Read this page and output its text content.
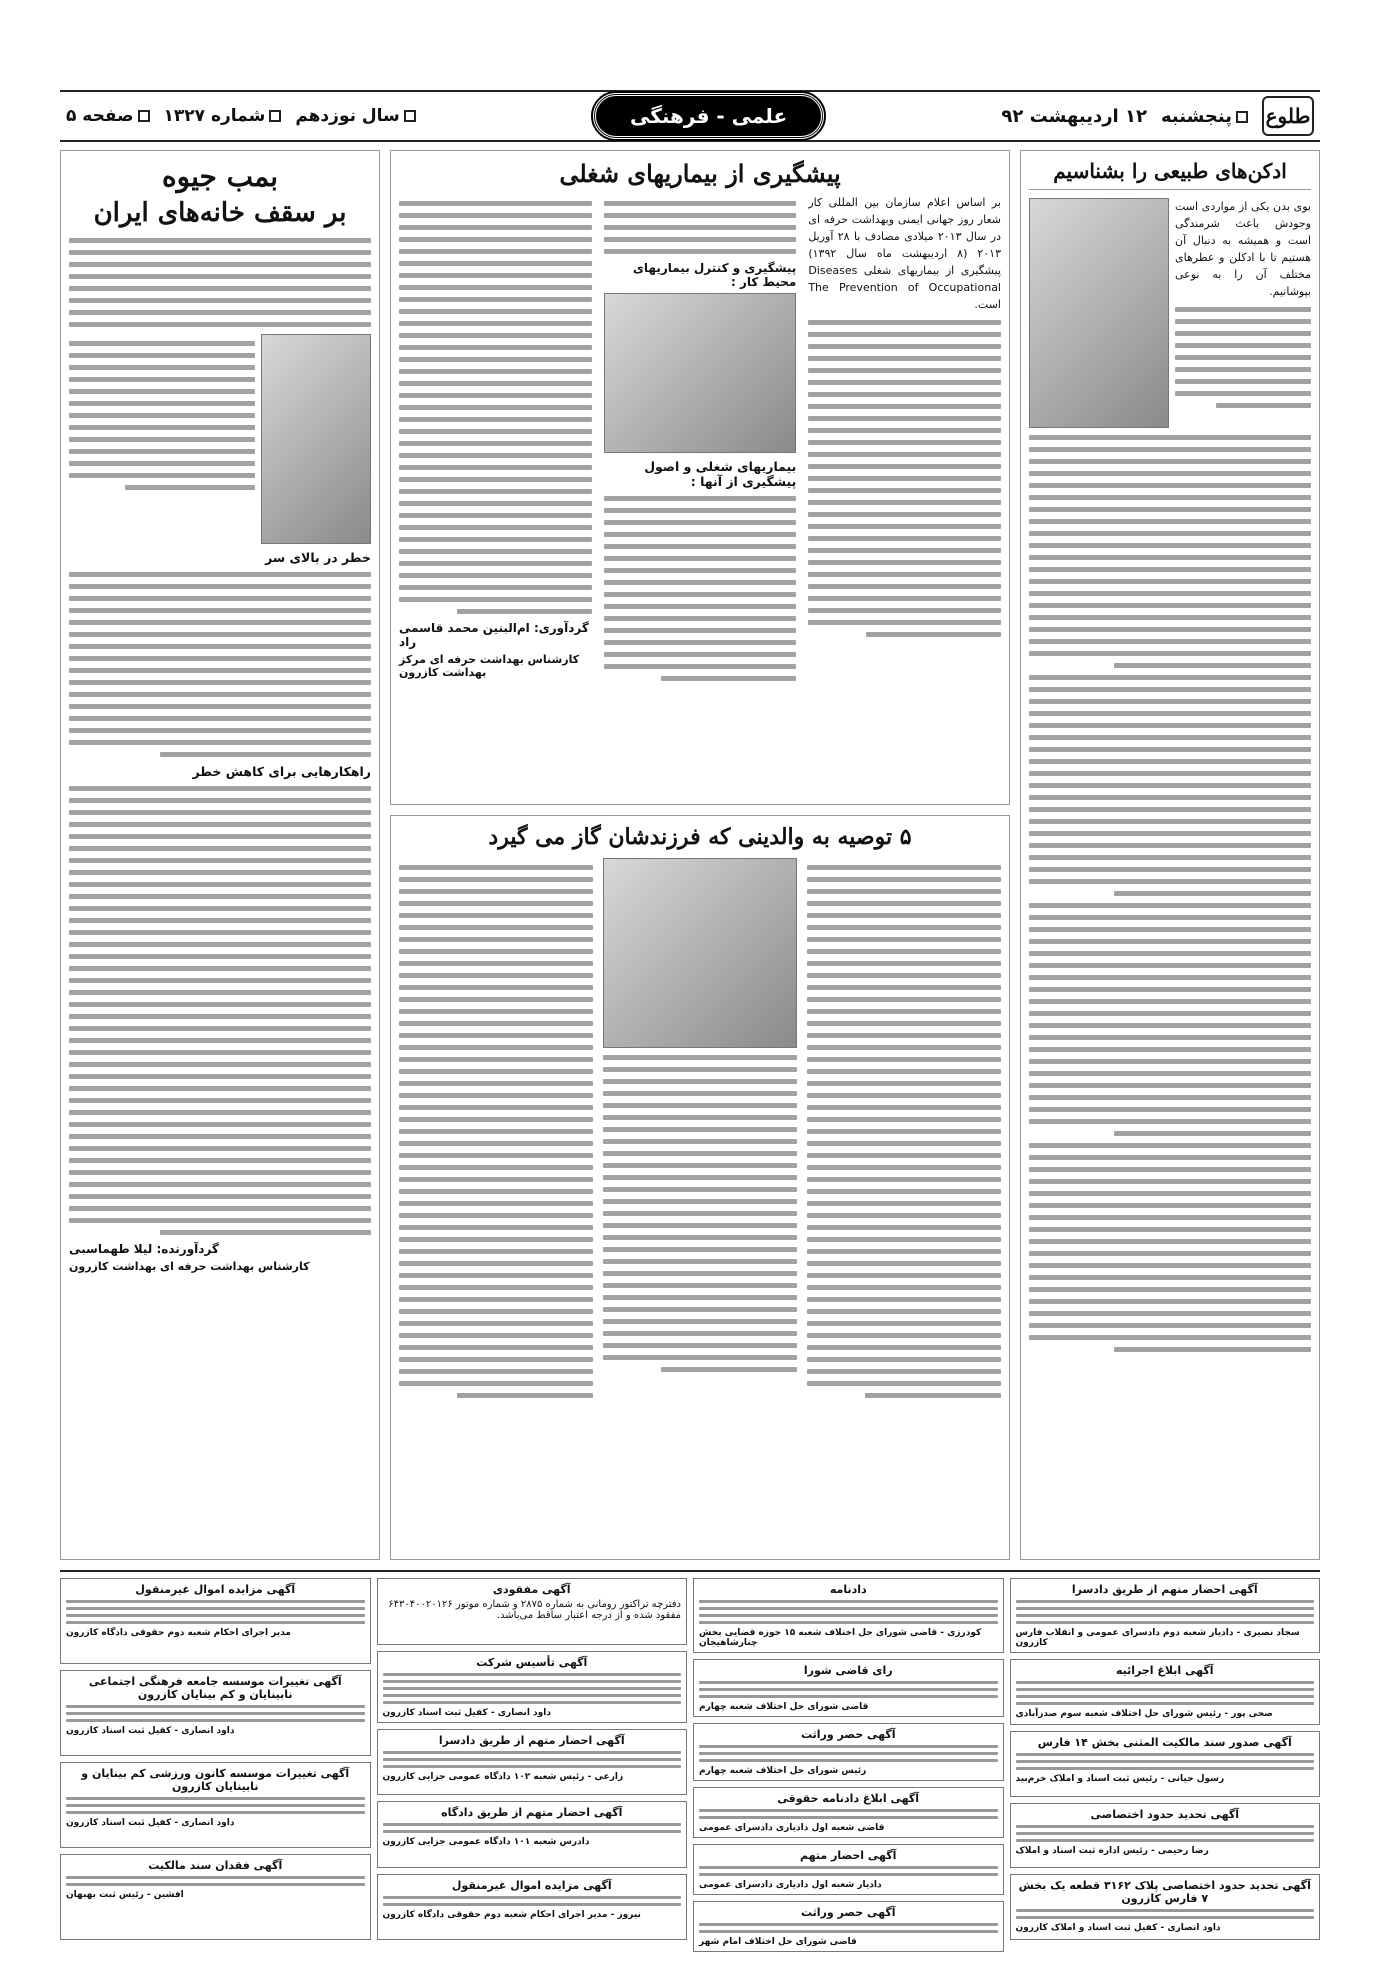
طلوع
پنجشنبه
۱۲ اردیبهشت ۹۲
علمی - فرهنگی
سال نوزدهم
شماره ۱۳۲۷
صفحه ۵
ادکن‌های طبیعی را بشناسیم
بوی بدن یکی از مواردی است وجودش باعث شرمندگی است و همیشه به دنبال آن هستیم تا با ادکلن و عطرهای مختلف آن را به نوعی بپوشانیم.
پیشگیری از بیماریهای شغلی
بر اساس اعلام سازمان بین المللی کار شعار روز جهانی ایمنی وبهداشت حرفه ای در سال ۲۰۱۳ میلادی مصادف با ۲۸ آوریل ۲۰۱۳ (۸ اردیبهشت ماه سال ۱۳۹۲) پیشگیری از بیماریهای شغلی Diseases The Prevention of Occupational است.
پیشگیری و کنترل بیماریهای محیط کار :
بیماریهای شغلی و اصول پیشگیری از آنها :
گردآوری: ام‌البنین محمد قاسمی راد
کارشناس بهداشت حرفه ای مرکز بهداشت کازرون
بمب جیوه
بر سقف خانه‌های ایران
خطر در بالای سر
راهکارهایی برای کاهش خطر
گردآورنده: لیلا طهماسبی
کارشناس بهداشت حرفه ای بهداشت کازرون
۵ توصیه به والدینی که فرزندشان گاز می گیرد
آگهی احضار متهم از طریق دادسرا
سجاد نصیری - دادیار شعبه دوم دادسرای عمومی و انقلاب فارس کازرون
آگهی ابلاغ اجرائیه
صحی پور - رئیس شورای حل اختلاف شعبه سوم صدرآبادی
آگهی صدور سند مالکیت المثنی بخش ۱۴ فارس
رسول حیانی - رئیس ثبت اسناد و املاک خرم‌بید
آگهی تحدید حدود اختصاصی
رضا رحیمی - رئیس اداره ثبت اسناد و املاک
آگهی تحدید حدود اختصاصی پلاک ۳۱۶۲ قطعه یک بخش ۷ فارس کازرون
داود انصاری - کفیل ثبت اسناد و املاک کازرون
دادنامه
کودرزی - قاضی شورای حل اختلاف شعبه ۱۵ حوزه قضایی بخش چنارشاهیجان
رای قاضی شورا
قاضی شورای حل اختلاف شعبه چهارم
آگهی حصر وراثت
رئیس شورای حل اختلاف شعبه چهارم
آگهی ابلاغ دادنامه حقوقی
قاضی شعبه اول دادیاری دادسرای عمومی
آگهی احضار متهم
دادیار شعبه اول دادیاری دادسرای عمومی
آگهی حصر وراثت
قاضی شورای حل اختلاف امام شهر
آگهی مفقودی
دفترچه تراکتور رومانی به شماره ۲۸۷۵ و شماره موتور ۶۴۳۰۴۰۰۲۰۱۲۶ مفقود شده و از درجه اعتبار ساقط می‌باشد.
آگهی تأسیس شرکت
داود انصاری - کفیل ثبت اسناد کازرون
آگهی احضار متهم از طریق دادسرا
زارعی - رئیس شعبه ۱۰۲ دادگاه عمومی جزایی کازرون
آگهی احضار متهم از طریق دادگاه
دادرس شعبه ۱۰۱ دادگاه عمومی جزایی کازرون
آگهی مزایده اموال غیرمنقول
نیروز - مدیر اجرای احکام شعبه دوم حقوقی دادگاه کازرون
آگهی مزایده اموال غیرمنقول
مدیر اجرای احکام شعبه دوم حقوقی دادگاه کازرون
آگهی تغییرات موسسه جامعه فرهنگی اجتماعی نابینایان و کم بینایان کازرون
داود انصاری - کفیل ثبت اسناد کازرون
آگهی تغییرات موسسه کانون ورزشی کم بینایان و نابینایان کازرون
داود انصاری - کفیل ثبت اسناد کازرون
آگهی فقدان سند مالکیت
افشین - رئیس ثبت بهبهان
